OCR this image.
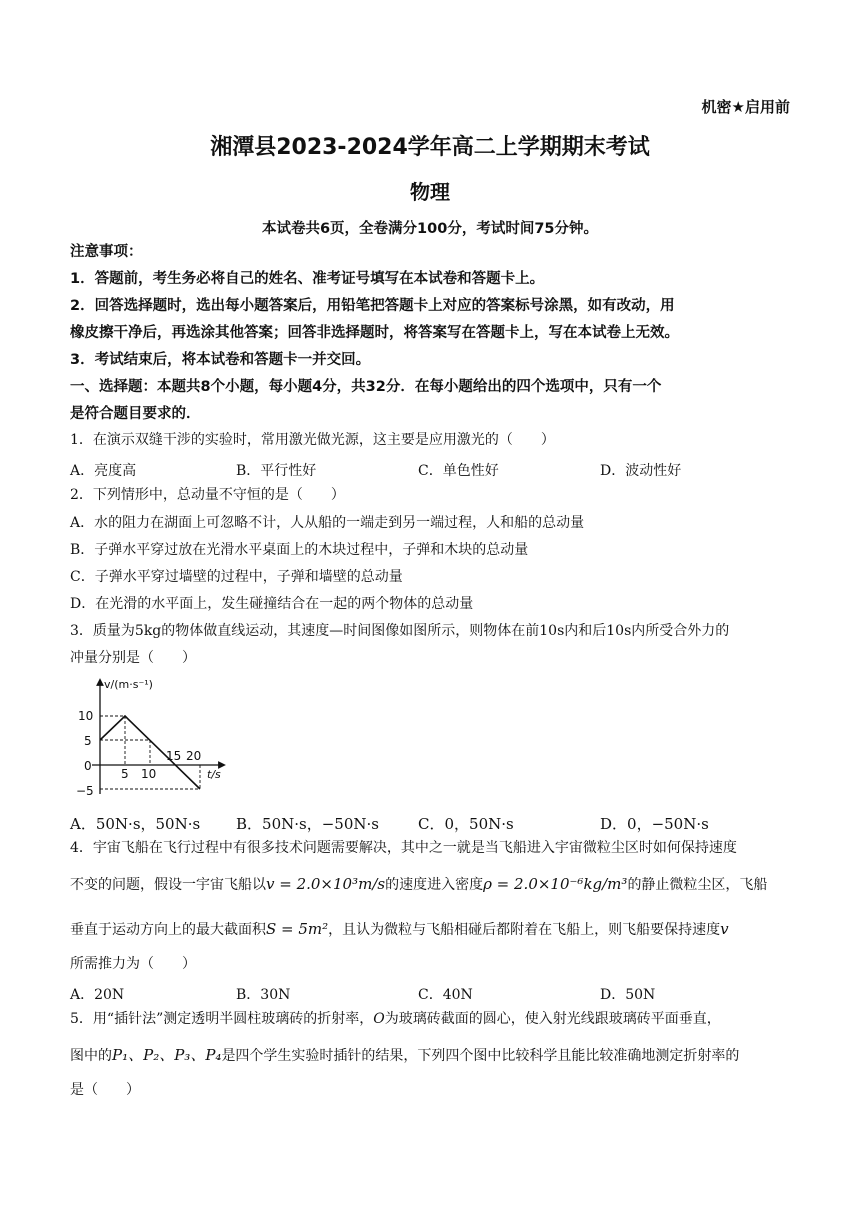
机密★启用前
湘潭县2023-2024学年高二上学期期末考试
物理
本试卷共6页，全卷满分100分，考试时间75分钟。
注意事项：
1．答题前，考生务必将自己的姓名、准考证号填写在本试卷和答题卡上。
2．回答选择题时，选出每小题答案后，用铅笔把答题卡上对应的答案标号涂黑，如有改动，用
橡皮擦干净后，再选涂其他答案；回答非选择题时，将答案写在答题卡上，写在本试卷上无效。
3．考试结束后，将本试卷和答题卡一并交回。
一、选择题：本题共8个小题，每小题4分，共32分．在每小题给出的四个选项中，只有一个
是符合题目要求的．
1．在演示双缝干涉的实验时，常用激光做光源，这主要是应用激光的（　　）
A．亮度高	B．平行性好	C．单色性好	D．波动性好
2．下列情形中，总动量不守恒的是（　　）
A．水的阻力在湖面上可忽略不计，人从船的一端走到另一端过程，人和船的总动量
B．子弹水平穿过放在光滑水平桌面上的木块过程中，子弹和木块的总动量
C．子弹水平穿过墙壁的过程中，子弹和墙壁的总动量
D．在光滑的水平面上，发生碰撞结合在一起的两个物体的总动量
3．质量为5kg的物体做直线运动，其速度—时间图像如图所示，则物体在前10s内和后10s内所受合外力的
冲量分别是（　　）
v/(m·s⁻¹)
t/s
10
5
0
−5
5 10
15 20
A．50N·s，50N·s B．50N·s，−50N·s	C．0，50N·s	D．0，−50N·s
4．宇宙飞船在飞行过程中有很多技术问题需要解决，其中之一就是当飞船进入宇宙微粒尘区时如何保持速度
不变的问题，假设一宇宙飞船以v = 2.0×10³m/s的速度进入密度ρ = 2.0×10⁻⁶kg/m³的静止微粒尘区，飞船
垂直于运动方向上的最大截面积S = 5m²，且认为微粒与飞船相碰后都附着在飞船上，则飞船要保持速度v
所需推力为（　　）
A．20N	B．30N	C．40N	D．50N
5．用“插针法”测定透明半圆柱玻璃砖的折射率，O为玻璃砖截面的圆心，使入射光线跟玻璃砖平面垂直，
图中的P₁、P₂、P₃、P₄是四个学生实验时插针的结果，下列四个图中比较科学且能比较准确地测定折射率的
是（　　）
